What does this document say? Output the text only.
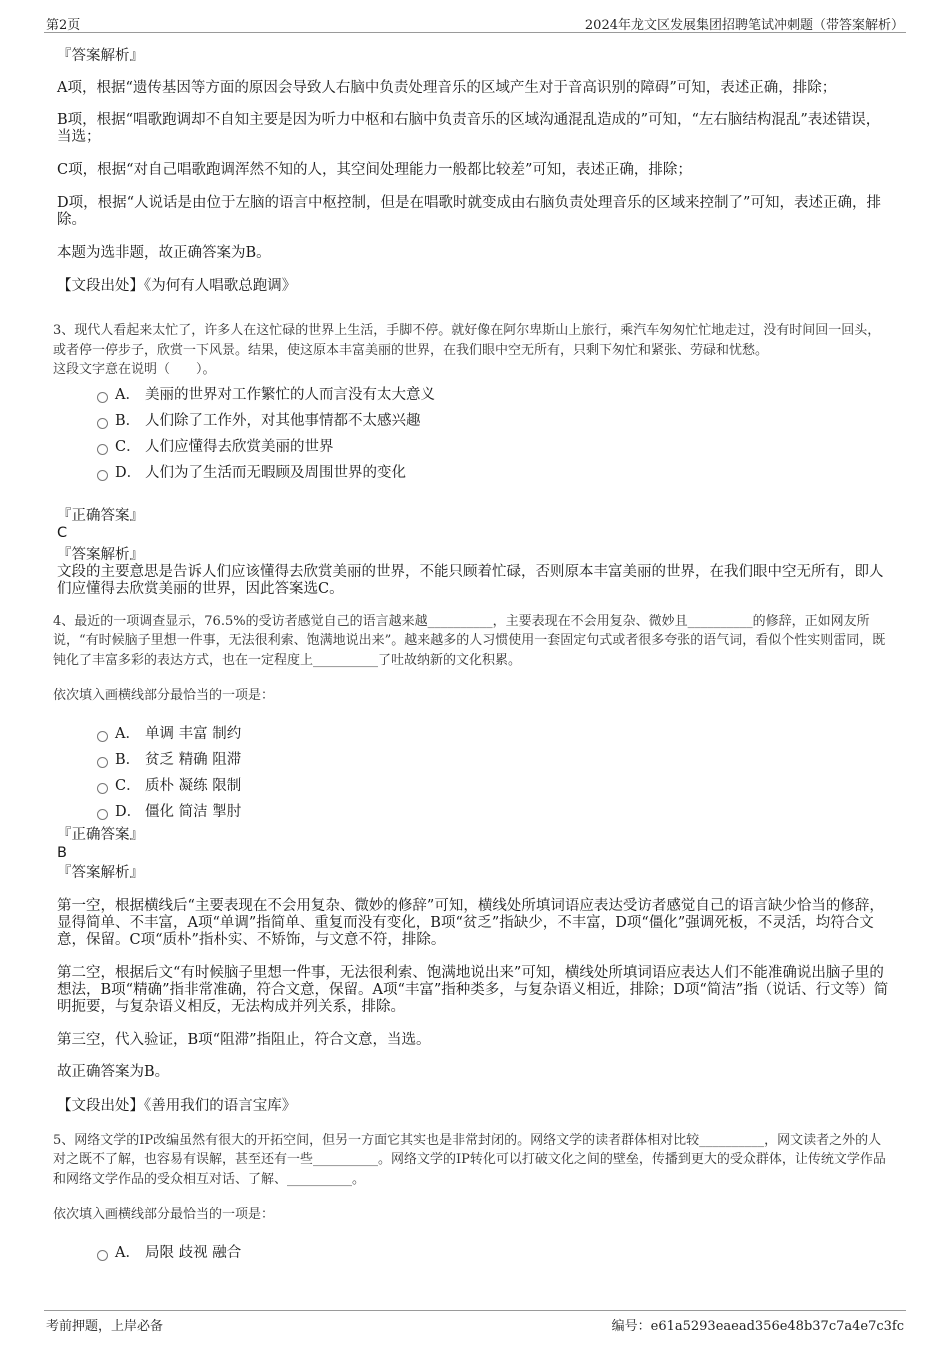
第2页	2024年龙文区发展集团招聘笔试冲刺题（带答案解析）

『答案解析』

A项，根据“遗传基因等方面的原因会导致人右脑中负责处理音乐的区域产生对于音高识别的障碍”可知，表述正确，排除；

B项，根据“唱歌跑调却不自知主要是因为听力中枢和右脑中负责音乐的区域沟通混乱造成的”可知，“左右脑结构混乱”表述错误，当选；

C项，根据“对自己唱歌跑调浑然不知的人，其空间处理能力一般都比较差”可知，表述正确，排除；

D项，根据“人说话是由位于左脑的语言中枢控制，但是在唱歌时就变成由右脑负责处理音乐的区域来控制了”可知，表述正确，排除。

本题为选非题，故正确答案为B。

【文段出处】《为何有人唱歌总跑调》

3、现代人看起来太忙了，许多人在这忙碌的世界上生活，手脚不停。就好像在阿尔卑斯山上旅行，乘汽车匆匆忙忙地走过，没有时间回一回头，或者停一停步子，欣赏一下风景。结果，使这原本丰富美丽的世界，在我们眼中空无所有，只剩下匆忙和紧张、劳碌和忧愁。

这段文字意在说明（　　）。

A． 美丽的世界对工作繁忙的人而言没有太大意义
B． 人们除了工作外，对其他事情都不太感兴趣
C． 人们应懂得去欣赏美丽的世界
D． 人们为了生活而无暇顾及周围世界的变化

『正确答案』

C

『答案解析』

文段的主要意思是告诉人们应该懂得去欣赏美丽的世界，不能只顾着忙碌，否则原本丰富美丽的世界，在我们眼中空无所有，即人们应懂得去欣赏美丽的世界，因此答案选C。

4、最近的一项调查显示，76.5%的受访者感觉自己的语言越来越__________，主要表现在不会用复杂、微妙且__________的修辞，正如网友所说，“有时候脑子里想一件事，无法很利索、饱满地说出来”。越来越多的人习惯使用一套固定句式或者很多夸张的语气词，看似个性实则雷同，既钝化了丰富多彩的表达方式，也在一定程度上__________了吐故纳新的文化积累。

依次填入画横线部分最恰当的一项是：

A． 单调 丰富 制约
B． 贫乏 精确 阻滞
C． 质朴 凝练 限制
D． 僵化 简洁 掣肘

『正确答案』

B

『答案解析』

第一空，根据横线后“主要表现在不会用复杂、微妙的修辞”可知，横线处所填词语应表达受访者感觉自己的语言缺少恰当的修辞，显得简单、不丰富，A项“单调”指简单、重复而没有变化，B项“贫乏”指缺少，不丰富，D项“僵化”强调死板，不灵活，均符合文意，保留。C项“质朴”指朴实、不矫饰，与文意不符，排除。

第二空，根据后文“有时候脑子里想一件事，无法很利索、饱满地说出来”可知，横线处所填词语应表达人们不能准确说出脑子里的想法，B项“精确”指非常准确，符合文意，保留。A项“丰富”指种类多，与复杂语义相近，排除；D项“简洁”指（说话、行文等）简明扼要，与复杂语义相反，无法构成并列关系，排除。

第三空，代入验证，B项“阻滞”指阻止，符合文意，当选。

故正确答案为B。

【文段出处】《善用我们的语言宝库》

5、网络文学的IP改编虽然有很大的开拓空间，但另一方面它其实也是非常封闭的。网络文学的读者群体相对比较__________，网文读者之外的人对之既不了解，也容易有误解，甚至还有一些__________。网络文学的IP转化可以打破文化之间的壁垒，传播到更大的受众群体，让传统文学作品和网络文学作品的受众相互对话、了解、__________。

依次填入画横线部分最恰当的一项是：

A． 局限 歧视 融合
考前押题，上岸必备	编号：e61a5293eaead356e48b37c7a4e7c3fc
